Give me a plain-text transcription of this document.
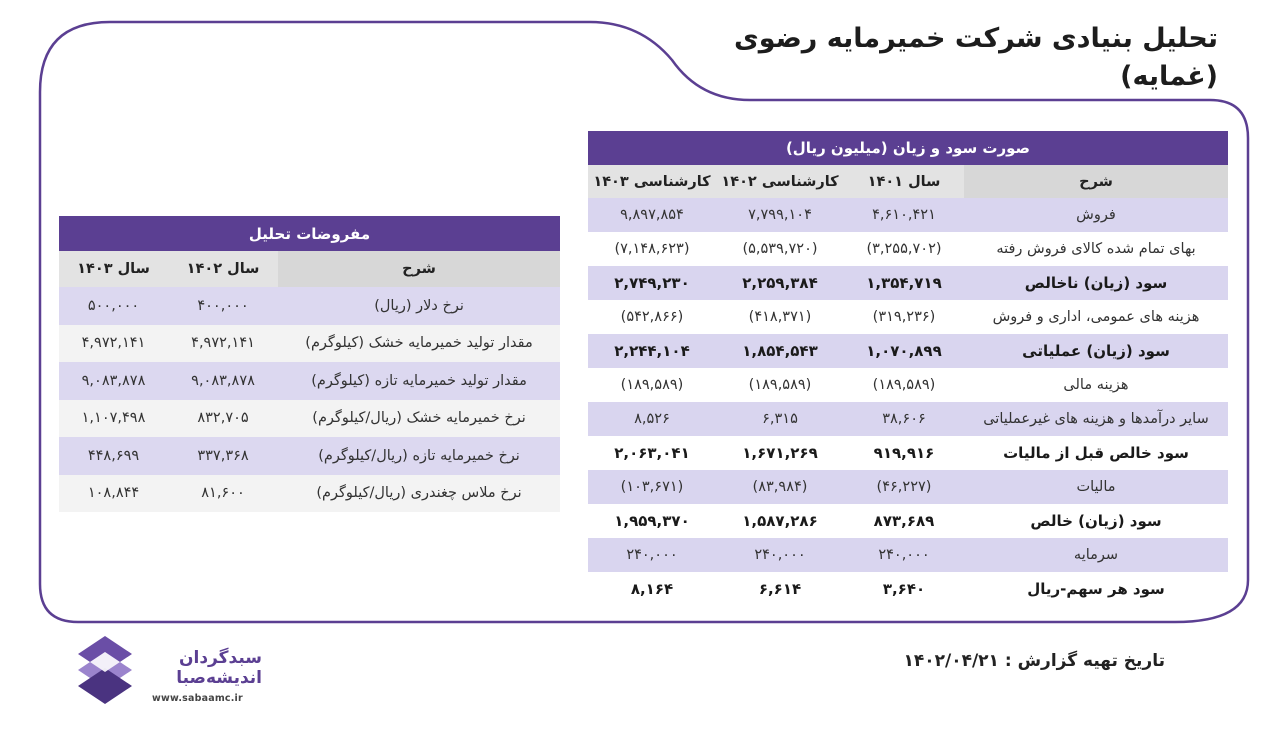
تحلیل بنیادی شرکت خمیرمایه رضوی
(غمایه)
صورت سود و زیان (میلیون ریال)			
شرح	سال ۱۴۰۱	کارشناسی ۱۴۰۲	کارشناسی ۱۴۰۳
فروش	۴,۶۱۰,۴۲۱	۷,۷۹۹,۱۰۴	۹,۸۹۷,۸۵۴
بهای تمام شده کالای فروش رفته	(۳,۲۵۵,۷۰۲)	(۵,۵۳۹,۷۲۰)	(۷,۱۴۸,۶۲۳)
سود (زیان) ناخالص	۱,۳۵۴,۷۱۹	۲,۲۵۹,۳۸۴	۲,۷۴۹,۲۳۰
هزینه های عمومی، اداری و فروش	(۳۱۹,۲۳۶)	(۴۱۸,۳۷۱)	(۵۴۲,۸۶۶)
سود (زیان) عملیاتی	۱,۰۷۰,۸۹۹	۱,۸۵۴,۵۴۳	۲,۲۴۴,۱۰۴
هزینه مالی	(۱۸۹,۵۸۹)	(۱۸۹,۵۸۹)	(۱۸۹,۵۸۹)
سایر درآمدها و هزینه های غیرعملیاتی	۳۸,۶۰۶	۶,۳۱۵	۸,۵۲۶
سود خالص قبل از مالیات	۹۱۹,۹۱۶	۱,۶۷۱,۲۶۹	۲,۰۶۳,۰۴۱
مالیات	(۴۶,۲۲۷)	(۸۳,۹۸۴)	(۱۰۳,۶۷۱)
سود (زیان) خالص	۸۷۳,۶۸۹	۱,۵۸۷,۲۸۶	۱,۹۵۹,۳۷۰
سرمایه	۲۴۰,۰۰۰	۲۴۰,۰۰۰	۲۴۰,۰۰۰
سود هر سهم-ریال	۳,۶۴۰	۶,۶۱۴	۸,۱۶۴
مفروضات تحلیل		
شرح	سال ۱۴۰۲	سال ۱۴۰۳
نرخ دلار (ریال)	۴۰۰,۰۰۰	۵۰۰,۰۰۰
مقدار تولید خمیرمایه خشک (کیلوگرم)	۴,۹۷۲,۱۴۱	۴,۹۷۲,۱۴۱
مقدار تولید خمیرمایه تازه (کیلوگرم)	۹,۰۸۳,۸۷۸	۹,۰۸۳,۸۷۸
نرخ خمیرمایه خشک (ریال/کیلوگرم)	۸۳۲,۷۰۵	۱,۱۰۷,۴۹۸
نرخ خمیرمایه تازه (ریال/کیلوگرم)	۳۳۷,۳۶۸	۴۴۸,۶۹۹
نرخ ملاس چغندری (ریال/کیلوگرم)	۸۱,۶۰۰	۱۰۸,۸۴۴
تاریخ تهیه گزارش : ۱۴۰۲/۰۴/۲۱
سبدگردان
اندیشه‌صبا
www.sabaamc.ir
